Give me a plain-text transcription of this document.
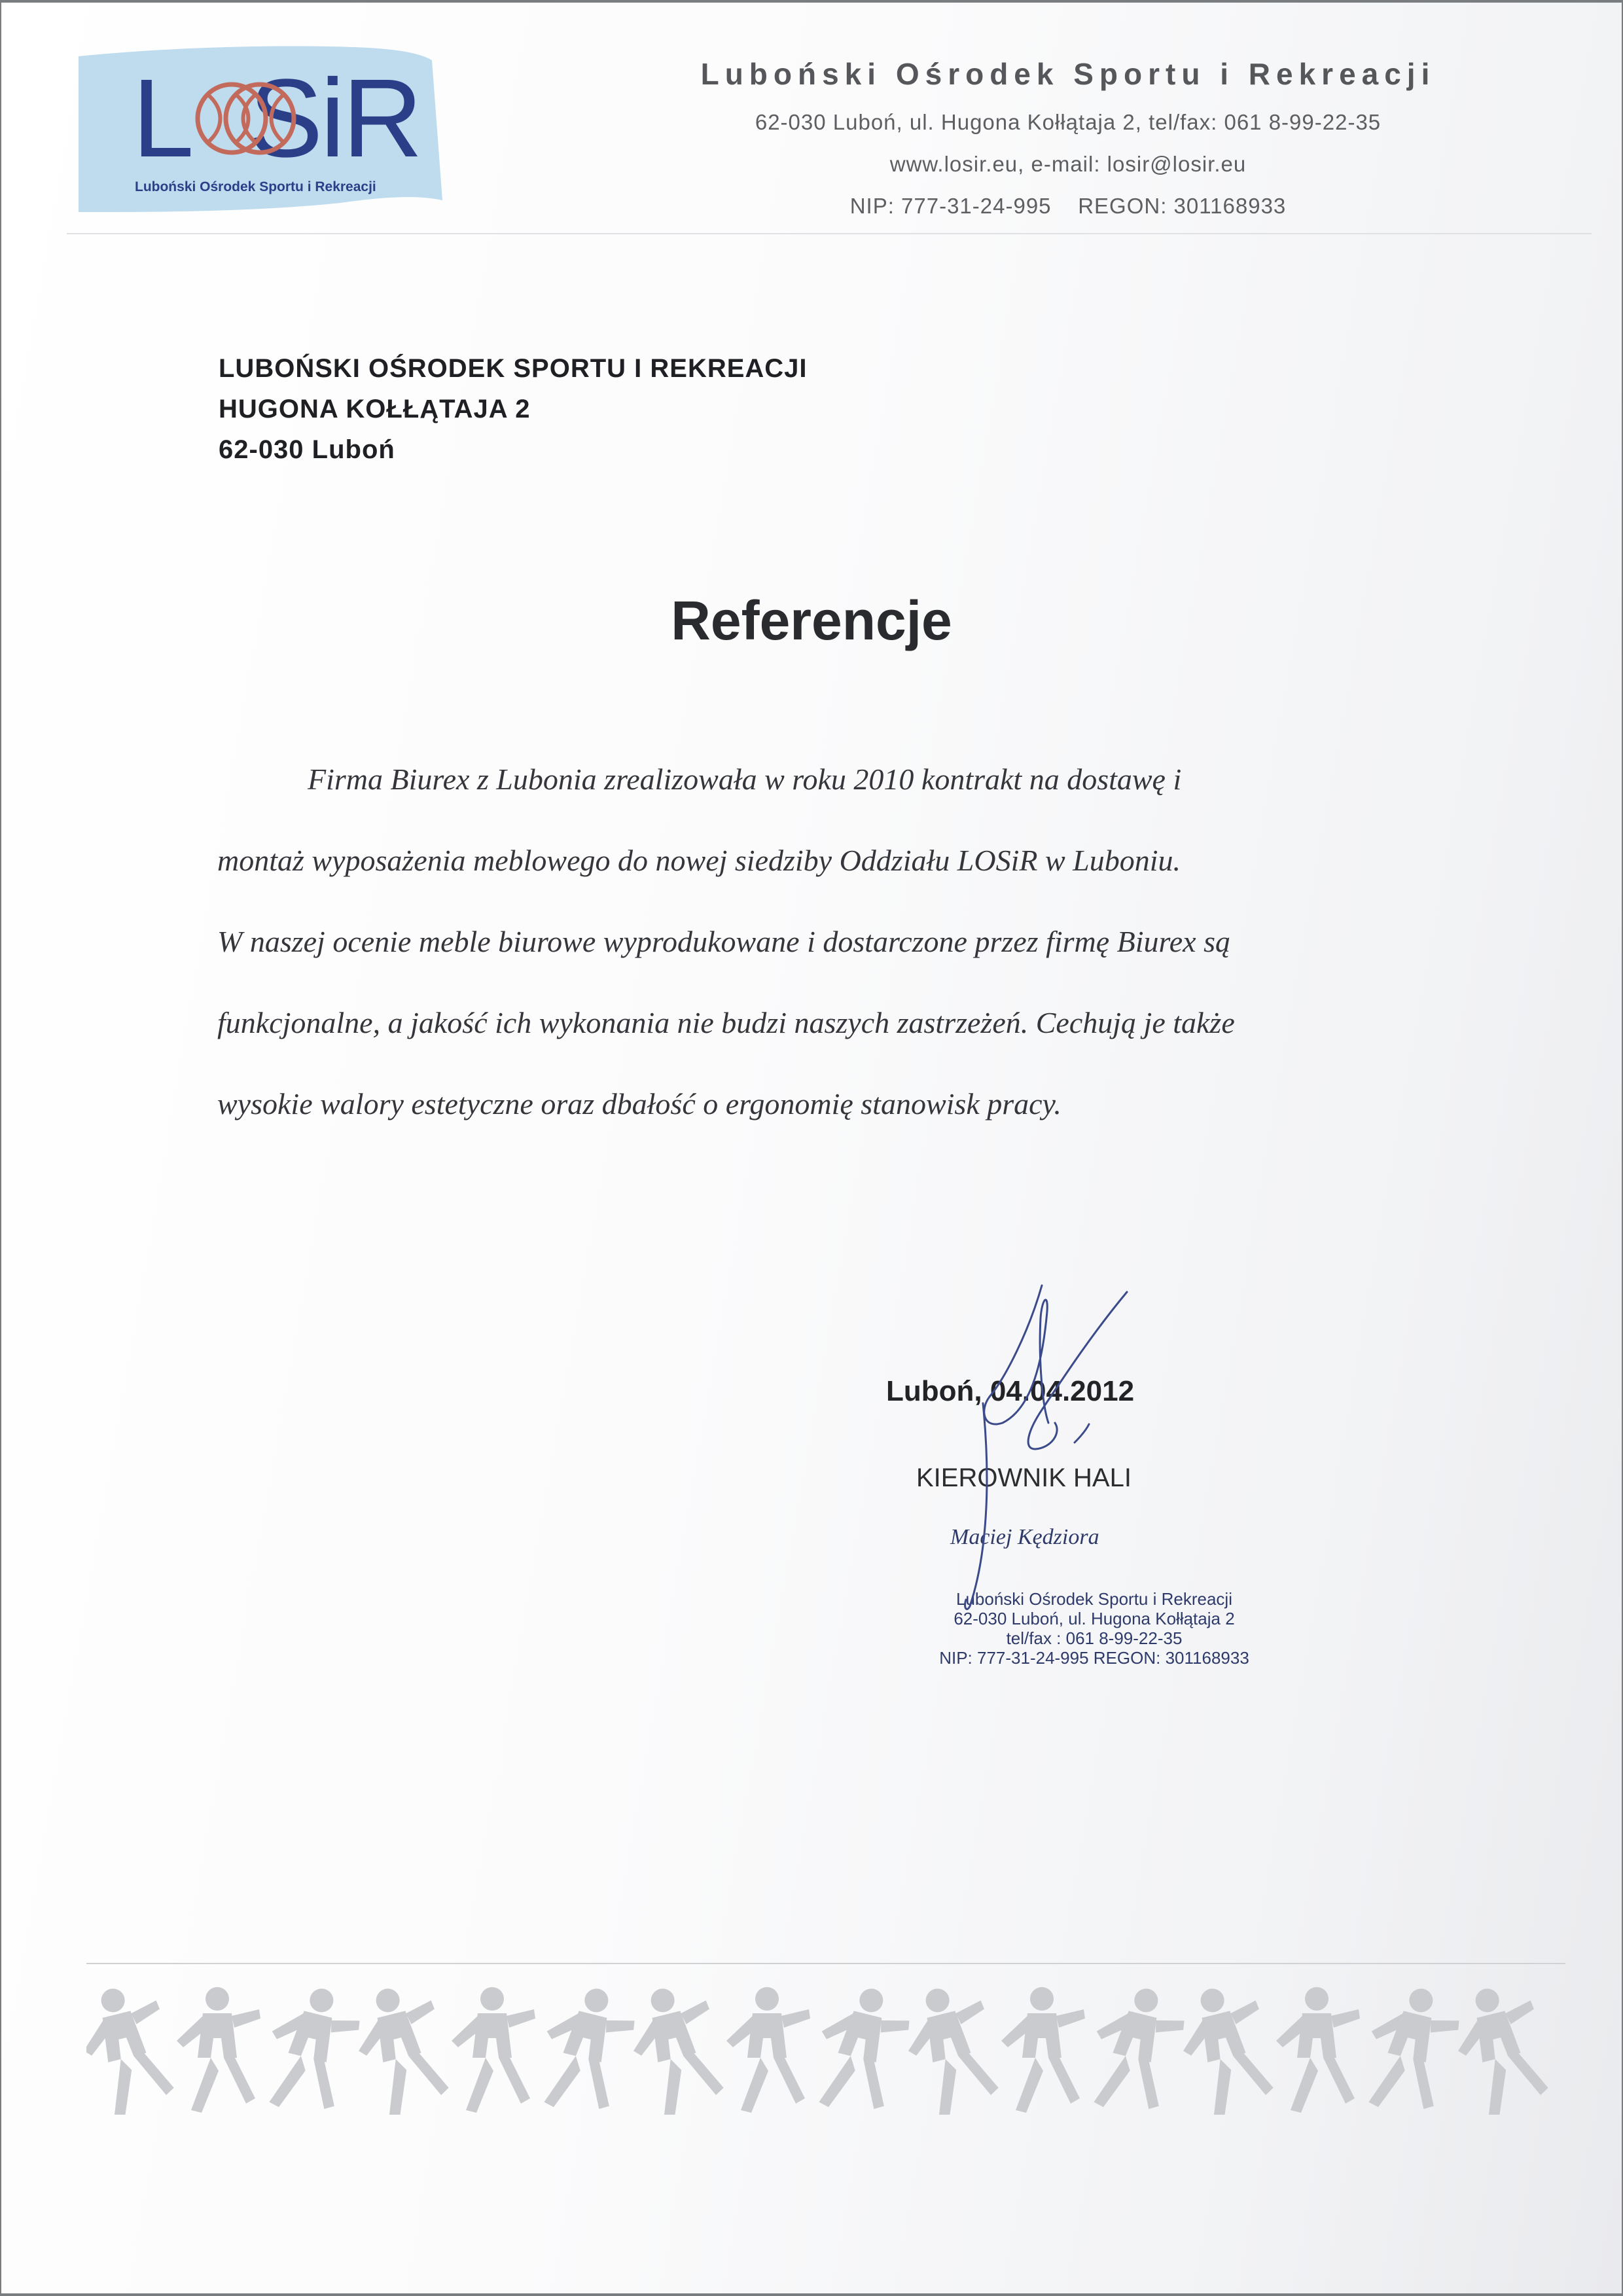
L SiR
Luboński Ośrodek Sportu i Rekreacji
Luboński Ośrodek Sportu i Rekreacji
62-030 Luboń, ul. Hugona Kołłątaja 2, tel/fax: 061 8-99-22-35
www.losir.eu, e-mail: losir@losir.eu
NIP: 777-31-24-995    REGON: 301168933
LUBOŃSKI OŚRODEK SPORTU I REKREACJI
HUGONA KOŁŁĄTAJA 2
62-030 Luboń
Referencje
Firma Biurex z Lubonia zrealizowała w roku 2010 kontrakt na dostawę i
montaż wyposażenia meblowego do nowej siedziby Oddziału LOSiR w Luboniu.
W naszej ocenie meble biurowe wyprodukowane i dostarczone przez firmę Biurex są
funkcjonalne, a jakość ich wykonania nie budzi naszych zastrzeżeń. Cechują je także
wysokie walory estetyczne oraz dbałość o ergonomię stanowisk pracy.
Luboń, 04.04.2012
KIEROWNIK HALI
Maciej Kędziora
Luboński Ośrodek Sportu i Rekreacji
62-030 Luboń, ul. Hugona Kołłątaja 2
tel/fax : 061 8-99-22-35
NIP: 777-31-24-995 REGON: 301168933
